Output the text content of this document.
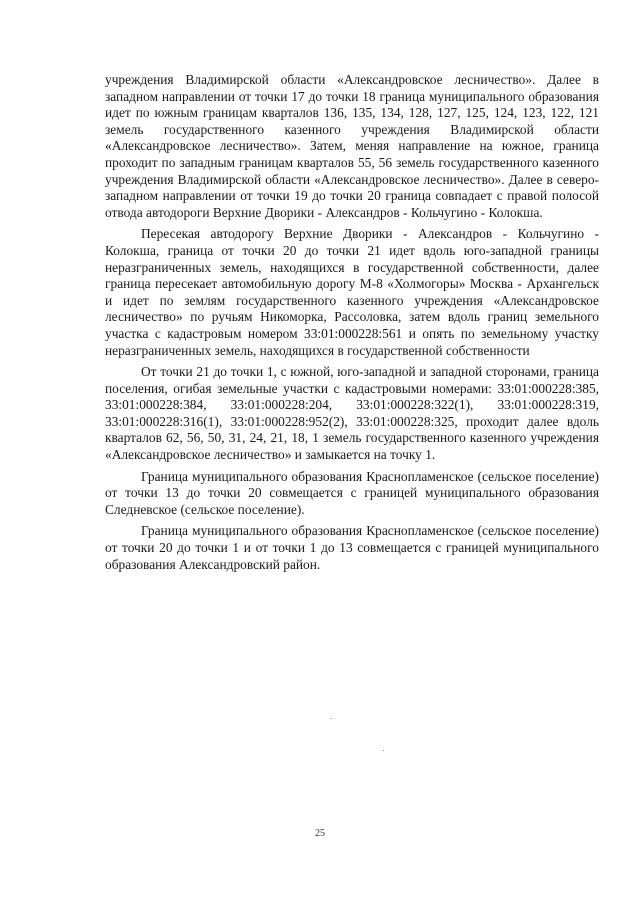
учреждения Владимирской области «Александровское лесничество». Далее в западном направлении от точки 17 до точки 18 граница муниципального образования идет по южным границам кварталов 136, 135, 134, 128, 127, 125, 124, 123, 122, 121 земель государственного казенного учреждения Владимирской области «Александровское лесничество». Затем, меняя направление на южное, граница проходит по западным границам кварталов 55, 56 земель государственного казенного учреждения Владимирской области «Александровское лесничество». Далее в северо-западном направлении от точки 19 до точки 20 граница совпадает с правой полосой отвода автодороги Верхние Дворики - Александров - Кольчугино - Колокша.

Пересекая автодорогу Верхние Дворики - Александров - Кольчугино - Колокша, граница от точки 20 до точки 21 идет вдоль юго-западной границы неразграниченных земель, находящихся в государственной собственности, далее граница пересекает автомобильную дорогу М-8 «Холмогоры» Москва - Архангельск и идет по землям государственного казенного учреждения «Александровское лесничество» по ручьям Никоморка, Рассоловка, затем вдоль границ земельного участка с кадастровым номером 33:01:000228:561 и опять по земельному участку неразграниченных земель, находящихся в государственной собственности

От точки 21 до точки 1, с южной, юго-западной и западной сторонами, граница поселения, огибая земельные участки с кадастровыми номерами: 33:01:000228:385, 33:01:000228:384, 33:01:000228:204, 33:01:000228:322(1), 33:01:000228:319, 33:01:000228:316(1), 33:01:000228:952(2), 33:01:000228:325, проходит далее вдоль кварталов 62, 56, 50, 31, 24, 21, 18, 1 земель государственного казенного учреждения «Александровское лесничество» и замыкается на точку 1.

Граница муниципального образования Краснопламенское (сельское поселение) от точки 13 до точки 20 совмещается с границей муниципального образования Следневское (сельское поселение).

Граница муниципального образования Краснопламенское (сельское поселение) от точки 20 до точки 1 и от точки 1 до 13 совмещается с границей муниципального образования Александровский район.

25
